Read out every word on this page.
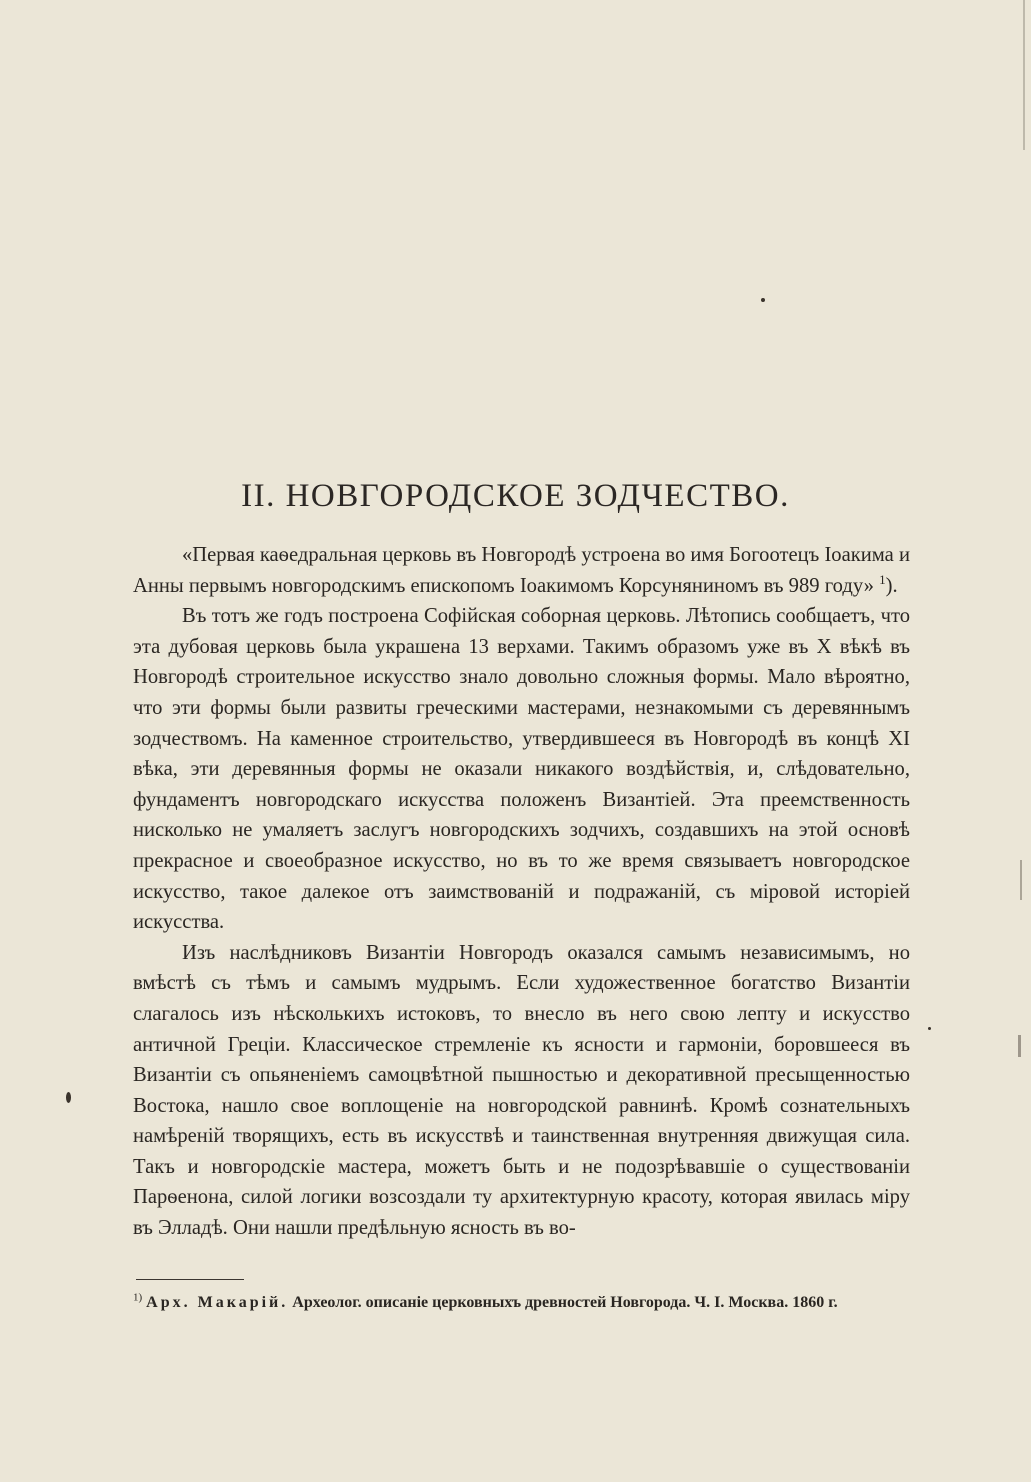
II. НОВГОРОДСКОЕ ЗОДЧЕСТВО.

«Первая каѳедральная церковь въ Новгородѣ устроена во имя Богоотецъ Іоакима и Анны первымъ новгородскимъ епископомъ Іоакимомъ Корсуняниномъ въ 989 году» $^1$).

Въ тотъ же годъ построена Софійская соборная церковь. Лѣтопись сообщаетъ, что эта дубовая церковь была украшена 13 верхами. Такимъ образомъ уже въ X вѣкѣ въ Новгородѣ строительное искусство знало довольно сложныя формы. Мало вѣроятно, что эти формы были развиты греческими мастерами, незнакомыми съ деревяннымъ зодчествомъ. На каменное строительство, утвердившееся въ Новгородѣ въ концѣ XI вѣка, эти деревянныя формы не оказали никакого воздѣйствія, и, слѣдовательно, фундаментъ новгородскаго искусства положенъ Византіей. Эта преемственность нисколько не умаляетъ заслугъ новгородскихъ зодчихъ, создавшихъ на этой основѣ прекрасное и своеобразное искусство, но въ то же время связываетъ новгородское искусство, такое далекое отъ заимствованій и подражаній, съ міровой исторіей искусства.

Изъ наслѣдниковъ Византіи Новгородъ оказался самымъ независимымъ, но вмѣстѣ съ тѣмъ и самымъ мудрымъ. Если художественное богатство Византіи слагалось изъ нѣсколькихъ истоковъ, то внесло въ него свою лепту и искусство античной Греціи. Классическое стремленіе къ ясности и гармоніи, боровшееся въ Византіи съ опьяненіемъ самоцвѣтной пышностью и декоративной пресыщенностью Востока, нашло свое воплощеніе на новгородской равнинѣ. Кромѣ сознательныхъ намѣреній творящихъ, есть въ искусствѣ и таинственная внутренняя движущая сила. Такъ и новгородскіе мастера, можетъ быть и не подозрѣвавшіе о существованіи Парѳенона, силой логики возсоздали ту архитектурную красоту, которая явилась міру въ Элладѣ. Они нашли предѣльную ясность въ во-

$^{1)}$ Арх. Макарій. Археолог. описаніе церковныхъ древностей Новгорода. Ч. I. Москва. 1860 г.
